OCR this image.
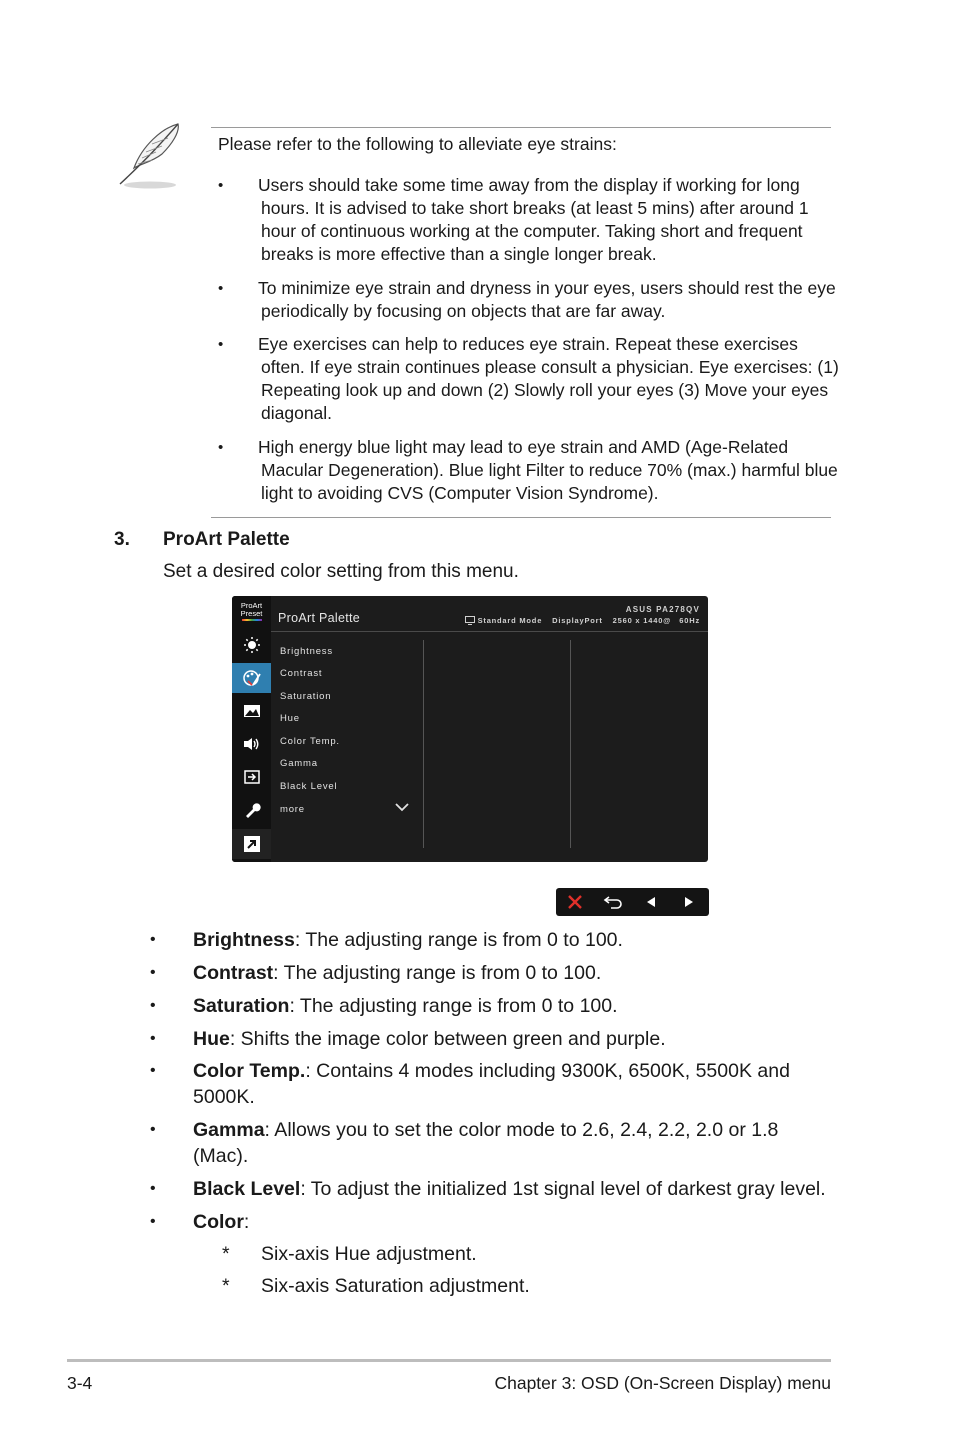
Please refer to the following to alleviate eye strains:
• Users should take some time away from the display if working for long
hours. It is advised to take short breaks (at least 5 mins) after around 1
hour of continuous working at the computer. Taking short and frequent
breaks is more effective than a single longer break.
• To minimize eye strain and dryness in your eyes, users should rest the eye
periodically by focusing on objects that are far away.
• Eye exercises can help to reduces eye strain. Repeat these exercises
often. If eye strain continues please consult a physician. Eye exercises: (1)
Repeating look up and down (2) Slowly roll your eyes (3) Move your eyes
diagonal.
• High energy blue light may lead to eye strain and AMD (Age-Related
Macular Degeneration). Blue light Filter to reduce 70% (max.) harmful blue
light to avoiding CVS (Computer Vision Syndrome).
3. ProArt Palette
Set a desired color setting from this menu.
ProArt
Preset	ProArt Palette
ASUS PA278QV
Standard Mode DisplayPort 2560 x 1440@ 60Hz
Brightness
Contrast
Saturation
Hue
Color Temp.
Gamma
Black Level
more
• Brightness: The adjusting range is from 0 to 100.
• Contrast: The adjusting range is from 0 to 100.
• Saturation: The adjusting range is from 0 to 100.
• Hue: Shifts the image color between green and purple.
• Color Temp.: Contains 4 modes including 9300K, 6500K, 5500K and
5000K.
• Gamma: Allows you to set the color mode to 2.6, 2.4, 2.2, 2.0 or 1.8
(Mac).
• Black Level: To adjust the initialized 1st signal level of darkest gray level.
• Color:
* Six-axis Hue adjustment.
* Six-axis Saturation adjustment.
3-4	Chapter 3: OSD (On-Screen Display) menu
